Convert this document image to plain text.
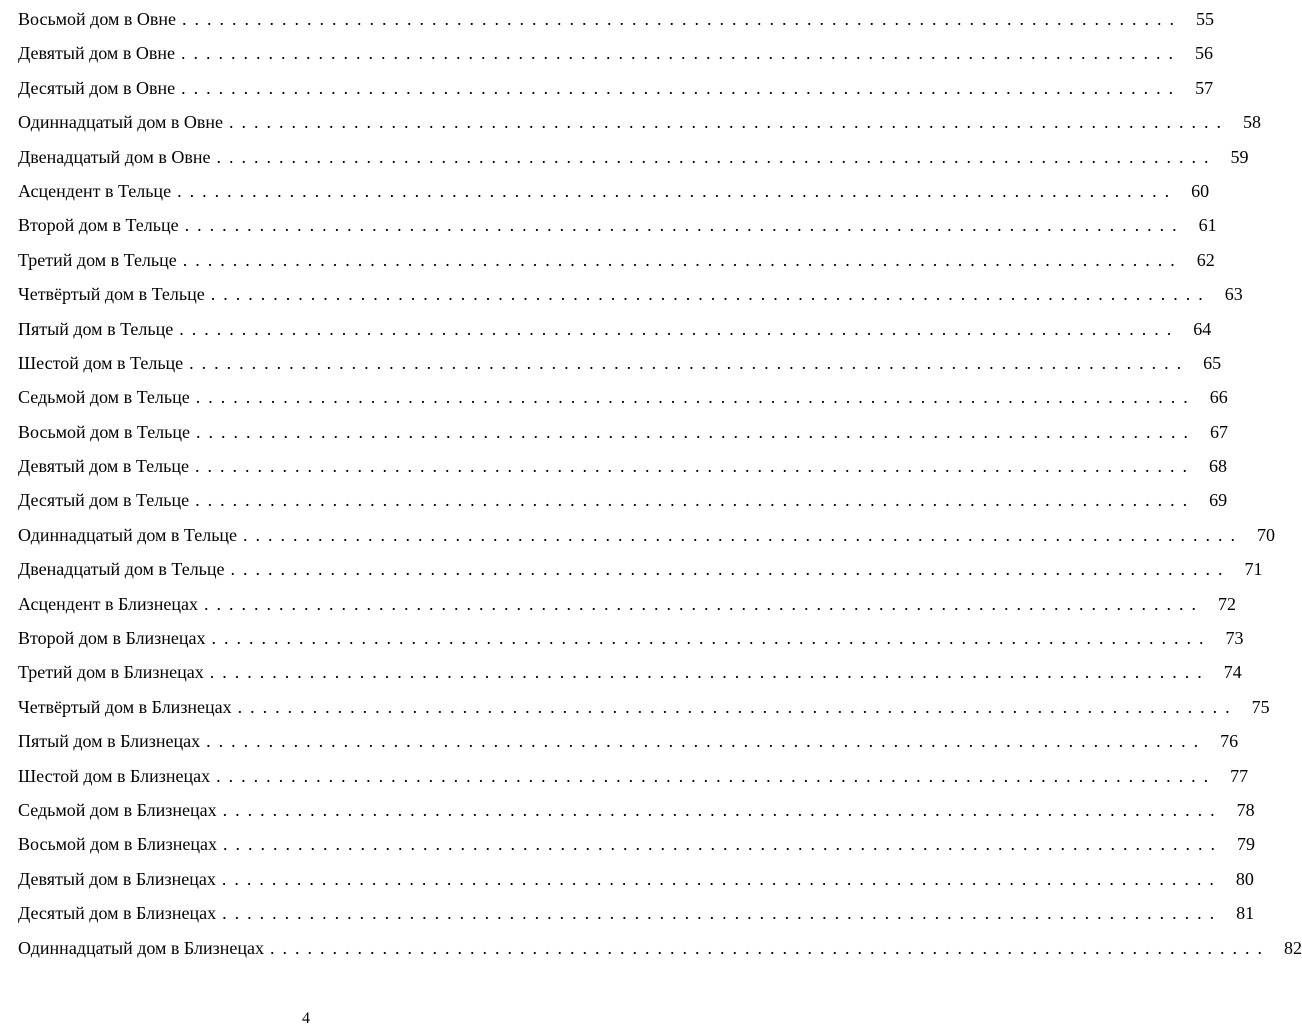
Восьмой дом в Овне ................................................................................ 55
Девятый дом в Овне ................................................................................ 56
Десятый дом в Овне ................................................................................ 57
Одиннадцатый дом в Овне ................................................................................ 58
Двенадцатый дом в Овне ................................................................................ 59
Асцендент в Тельце ................................................................................ 60
Второй дом в Тельце ................................................................................ 61
Третий дом в Тельце ................................................................................ 62
Четвёртый дом в Тельце ................................................................................ 63
Пятый дом в Тельце ................................................................................ 64
Шестой дом в Тельце ................................................................................ 65
Седьмой дом в Тельце ................................................................................ 66
Восьмой дом в Тельце ................................................................................ 67
Девятый дом в Тельце ................................................................................ 68
Десятый дом в Тельце ................................................................................ 69
Одиннадцатый дом в Тельце ................................................................................ 70
Двенадцатый дом в Тельце ................................................................................ 71
Асцендент в Близнецах ................................................................................ 72
Второй дом в Близнецах ................................................................................ 73
Третий дом в Близнецах ................................................................................ 74
Четвёртый дом в Близнецах ................................................................................ 75
Пятый дом в Близнецах ................................................................................ 76
Шестой дом в Близнецах ................................................................................ 77
Седьмой дом в Близнецах ................................................................................ 78
Восьмой дом в Близнецах ................................................................................ 79
Девятый дом в Близнецах ................................................................................ 80
Десятый дом в Близнецах ................................................................................ 81
Одиннадцатый дом в Близнецах ................................................................................ 82
4
